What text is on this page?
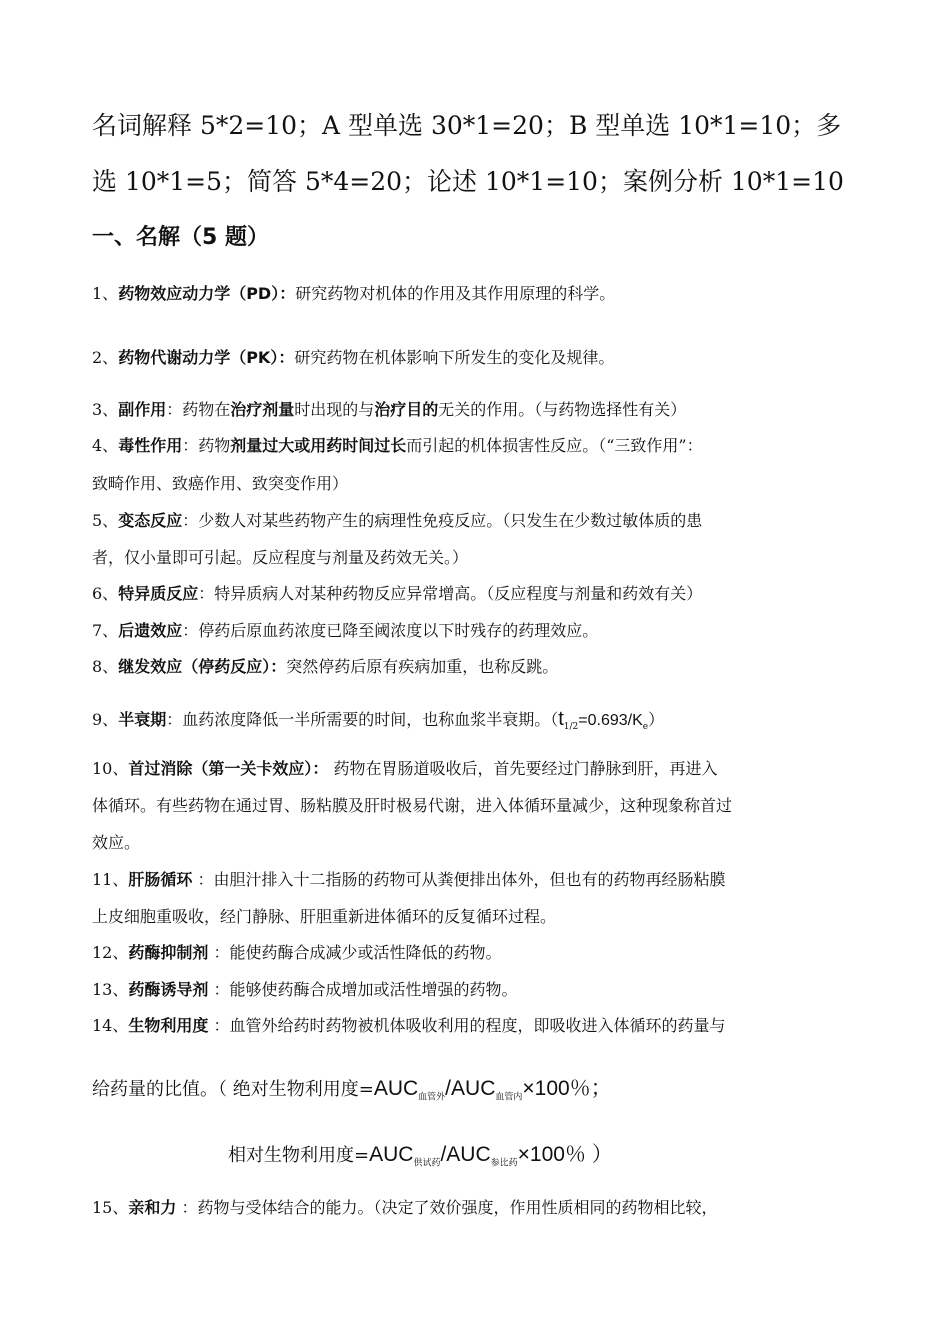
名词解释 5*2=10；A 型单选 30*1=20；B 型单选 10*1=10；多
选 10*1=5；简答 5*4=20；论述 10*1=10；案例分析 10*1=10
一、名解（5 题）
1、药物效应动力学（PD）：研究药物对机体的作用及其作用原理的科学。
2、药物代谢动力学（PK）：研究药物在机体影响下所发生的变化及规律。
3、副作用：药物在治疗剂量时出现的与治疗目的无关的作用。（与药物选择性有关）
4、毒性作用：药物剂量过大或用药时间过长而引起的机体损害性反应。（“三致作用”：
致畸作用、致癌作用、致突变作用）
5、变态反应：少数人对某些药物产生的病理性免疫反应。（只发生在少数过敏体质的患
者，仅小量即可引起。反应程度与剂量及药效无关。）
6、特异质反应：特异质病人对某种药物反应异常增高。（反应程度与剂量和药效有关）
7、后遗效应：停药后原血药浓度已降至阈浓度以下时残存的药理效应。
8、继发效应（停药反应）：突然停药后原有疾病加重，也称反跳。
9、半衰期：血药浓度降低一半所需要的时间，也称血浆半衰期。$(t_{1/2}=0.693/K_e)$
10、首过消除（第一关卡效应）： 药物在胃肠道吸收后，首先要经过门静脉到肝，再进入
体循环。有些药物在通过胃、肠粘膜及肝时极易代谢，进入体循环量减少，这种现象称首过
效应。
11、肝肠循环 ：由胆汁排入十二指肠的药物可从粪便排出体外，但也有的药物再经肠粘膜
上皮细胞重吸收，经门静脉、肝胆重新进体循环的反复循环过程。
12、药酶抑制剂 ：能使药酶合成减少或活性降低的药物。
13、药酶诱导剂 ：能够使药酶合成增加或活性增强的药物。
14、生物利用度 ：血管外给药时药物被机体吸收利用的程度，即吸收进入体循环的药量与
给药量的比值。（ 绝对生物利用度$=AUC_{血管外}/AUC_{血管内}\times 100$％；
相对生物利用度$=AUC_{供试药}/AUC_{参比药}\times 100$％ ）
15、亲和力 ：药物与受体结合的能力。（决定了效价强度，作用性质相同的药物相比较，
